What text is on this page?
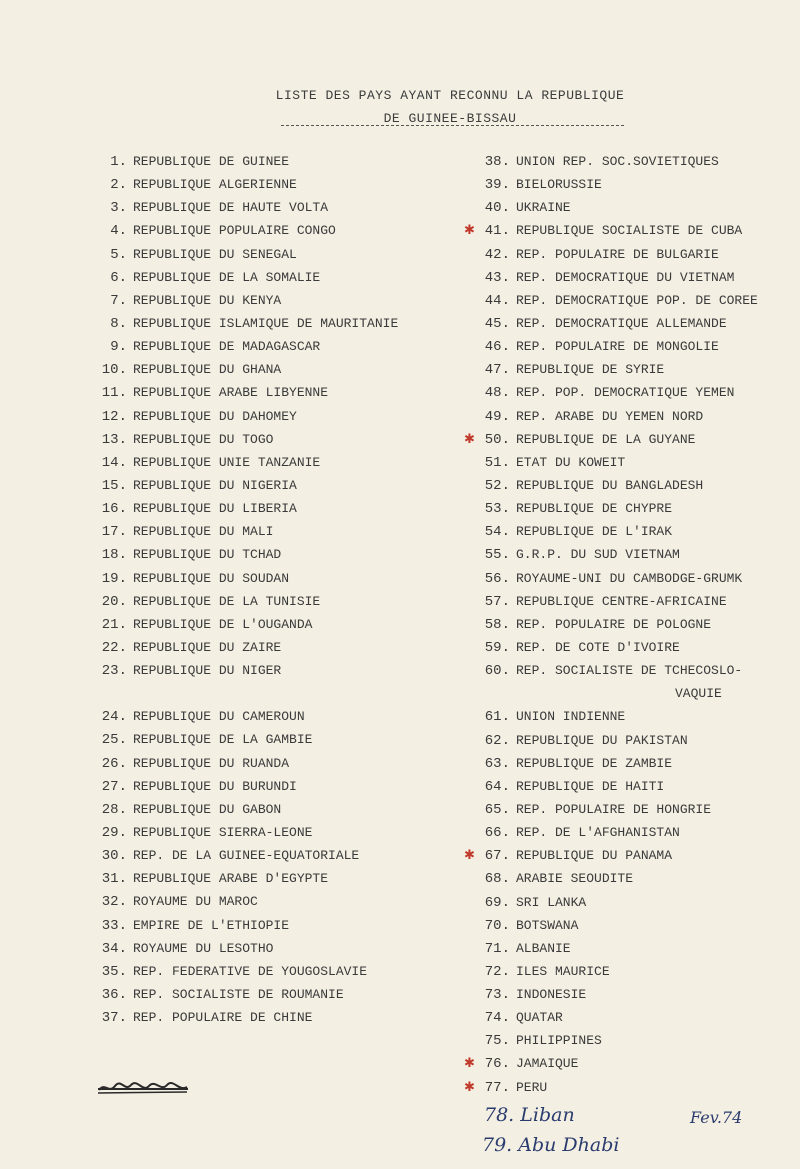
LISTE DES PAYS AYANT RECONNU LA REPUBLIQUE
DE GUINEE-BISSAU
1. REPUBLIQUE DE GUINEE
2. REPUBLIQUE ALGERIENNE
3. REPUBLIQUE DE HAUTE VOLTA
4. REPUBLIQUE POPULAIRE CONGO
5. REPUBLIQUE DU SENEGAL
6. REPUBLIQUE DE LA SOMALIE
7. REPUBLIQUE DU KENYA
8. REPUBLIQUE ISLAMIQUE DE MAURITANIE
9. REPUBLIQUE DE MADAGASCAR
10. REPUBLIQUE DU GHANA
11. REPUBLIQUE ARABE LIBYENNE
12. REPUBLIQUE DU DAHOMEY
13. REPUBLIQUE DU TOGO
14. REPUBLIQUE UNIE TANZANIE
15. REPUBLIQUE DU NIGERIA
16. REPUBLIQUE DU LIBERIA
17. REPUBLIQUE DU MALI
18. REPUBLIQUE DU TCHAD
19. REPUBLIQUE DU SOUDAN
20. REPUBLIQUE DE LA TUNISIE
21. REPUBLIQUE DE L'OUGANDA
22. REPUBLIQUE DU ZAIRE
23. REPUBLIQUE DU NIGER
24. REPUBLIQUE DU CAMEROUN
25. REPUBLIQUE DE LA GAMBIE
26. REPUBLIQUE DU RUANDA
27. REPUBLIQUE DU BURUNDI
28. REPUBLIQUE DU GABON
29. REPUBLIQUE SIERRA-LEONE
30. REP. DE LA GUINEE-EQUATORIALE
31. REPUBLIQUE ARABE D'EGYPTE
32. ROYAUME DU MAROC
33. EMPIRE DE L'ETHIOPIE
34. ROYAUME DU LESOTHO
35. REP. FEDERATIVE DE YOUGOSLAVIE
36. REP. SOCIALISTE DE ROUMANIE
37. REP. POPULAIRE DE CHINE
38. UNION REP. SOC.SOVIETIQUES
39. BIELORUSSIE
40. UKRAINE
✱ 41. REPUBLIQUE SOCIALISTE DE CUBA
42. REP. POPULAIRE DE BULGARIE
43. REP. DEMOCRATIQUE DU VIETNAM
44. REP. DEMOCRATIQUE POP. DE COREE
45. REP. DEMOCRATIQUE ALLEMANDE
46. REP. POPULAIRE DE MONGOLIE
47. REPUBLIQUE DE SYRIE
48. REP. POP. DEMOCRATIQUE YEMEN
49. REP. ARABE DU YEMEN NORD
✱ 50. REPUBLIQUE DE LA GUYANE
51. ETAT DU KOWEIT
52. REPUBLIQUE DU BANGLADESH
53. REPUBLIQUE DE CHYPRE
54. REPUBLIQUE DE L'IRAK
55. G.R.P. DU SUD VIETNAM
56. ROYAUME-UNI DU CAMBODGE-GRUMK
57. REPUBLIQUE CENTRE-AFRICAINE
58. REP. POPULAIRE DE POLOGNE
59. REP. DE COTE D'IVOIRE
60. REP. SOCIALISTE DE TCHECOSLO-
VAQUIE
61. UNION INDIENNE
62. REPUBLIQUE DU PAKISTAN
63. REPUBLIQUE DE ZAMBIE
64. REPUBLIQUE DE HAITI
65. REP. POPULAIRE DE HONGRIE
66. REP. DE L'AFGHANISTAN
✱ 67. REPUBLIQUE DU PANAMA
68. ARABIE SEOUDITE
69. SRI LANKA
70. BOTSWANA
71. ALBANIE
72. ILES MAURICE
73. INDONESIE
74. QUATAR
75. PHILIPPINES
✱ 76. JAMAIQUE
✱ 77. PERU
78. Liban
79. Abu Dhabi
Fev.74
